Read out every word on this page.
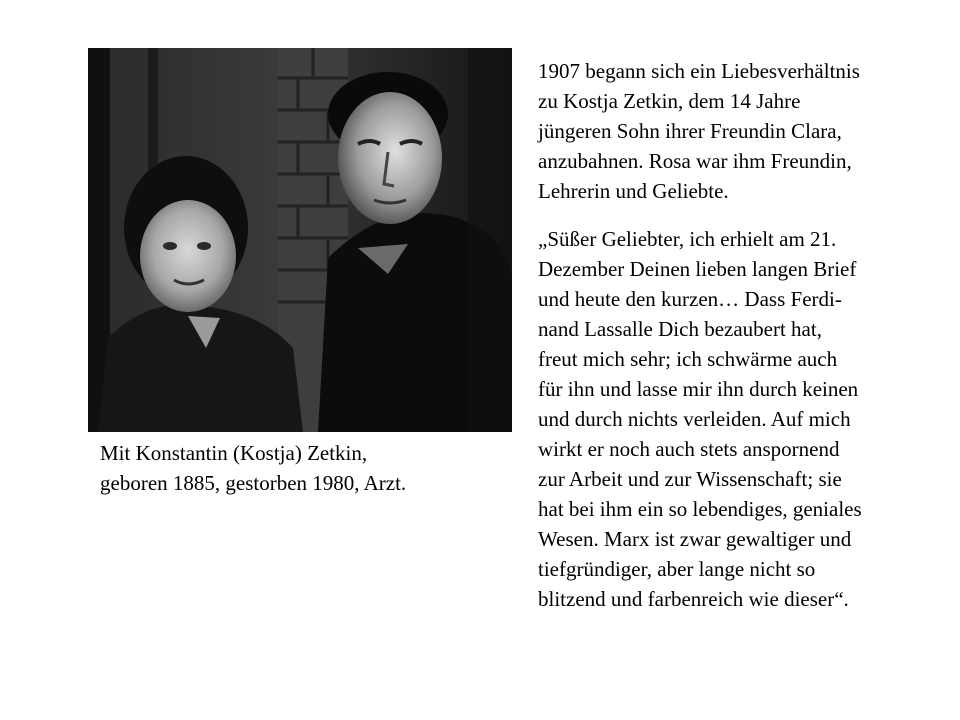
Mit Konstantin (Kostja) Zetkin,
geboren 1885, gestorben 1980, Arzt.

1907 begann sich ein Liebesverhältnis
zu Kostja Zetkin, dem 14 Jahre
jüngeren Sohn ihrer Freundin Clara,
anzubahnen. Rosa war ihm Freundin,
Lehrerin und Geliebte.

„Süßer Geliebter, ich erhielt am 21.
Dezember Deinen lieben langen Brief
und heute den kurzen… Dass Ferdi-
nand Lassalle Dich bezaubert hat,
freut mich sehr; ich schwärme auch
für ihn und lasse mir ihn durch keinen
und durch nichts verleiden. Auf mich
wirkt er noch auch stets anspornend
zur Arbeit und zur Wissenschaft; sie
hat bei ihm ein so lebendiges, geniales
Wesen. Marx ist zwar gewaltiger und
tiefgründiger, aber lange nicht so
blitzend und farbenreich wie dieser“.
